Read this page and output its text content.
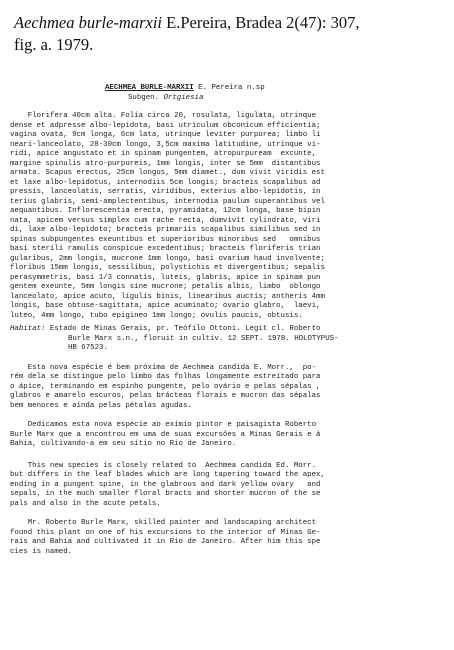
Aechmea burle-marxii E.Pereira, Bradea 2(47): 307,
fig. a. 1979.
AECHMEA BURLE-MARXII E. Pereira n.sp
Subgen. Ortgiesia
Florifera 40cm alta. Folia circa 20, rosulata, ligulata, utrinque
dense et adpresse albo-lepidota, basi utriculum obconicum efficientia;
vagina ovata, 9cm longa, 6cm lata, utrinque leviter purpurea; limbo li
neari-lanceolato, 28-30cm longo, 3,5cm maxima latitudine, utrinque vi-
ridi, apice angustato et in spinam pungentem, atropurpuream  excunte,
margine spinulis atro-purpureis, 1mm longis, inter se 5mm  distantibus
armata. Scapus erectus, 25cm longus, 5mm diamet., dum vivit viridis est
et laxe albo-lepidotus, internodiis 5cm longis; bracteis scapalibus ad
pressis, lanceolatis, serratis, viridibus, exterius albo-lepidotis, in
terius glabris, semi-amplectentibus, internodia paulum superantibus vel
aequantibus. Inflorescentia erecta, pyramidata, 12cm longa, base bipin
nata, apicem versus simplex cum rache recta, dumvivit cylindrato, viri
di, laxe albo-lepidoto; bracteis primariis scapalibus similibus sed in
spinas subpungentes exeuntibus et superioribus minoribus sed   omnibus
basi sterili ramulis conspicue excedentibus; bracteis floriferis trian
gularibus, 2mm longis, mucrone 1mm longo, basi ovarium haud involvente;
floribus 15mm longis, sessilibus, polystichis et divergentibus; sepalis
perasymmetris, basi 1/3 connatis, luteis, glabris, apice in spinam pun
gentem exeunte, 5mm longis sine mucrone; petalis albis, limbo  oblongo
lanceolato, apice acuto, ligulis binis, linearibus auctis; antheris 4mm
longis, base obtuse-sagittata, apice acuminato; ovario glabro,  laevi,
luteo, 4mm longo, tubo epigineo 1mm longo; ovulis paucis, obtusis.
Habitat: Estado de Minas Gerais, pr. Teófilo Ottoni. Legit cl. Roberto
Burle Marx s.n., floruit in cultiv. 12 SEPT. 1978. HOLOTYPUS-
HB 67523.
Esta nova espécie é bem próxima de Aechmea candida E. Morr.,  po-
rém dela se distingue pelo limbo das folhas longamente estreitado para
o ápice, terminando em espinho pungente, pelo ovário e pelas sépalas ,
glabros e amarelo escuros, pelas brácteas florais e mucron das sépalas
bem menores e ainda pelas pétalas agudas.
Dedicamos esta nova espécie ao eximio pintor e paisagista Roberto
Burle Marx que a encontrou em uma de suas excursões a Minas Gerais e à
Bahia, cultivando-a em seu sítio no Rio de Janeiro.
This new species is closely related to  Aechmea candida Ed. Morr.
but differs in the leaf blades which are long tapering toward the apex,
ending in a pungent spine, in the glabrous and dark yellow ovary   and
sepals, in the much smaller floral bracts and shorter mucron of the se
pals and also in the acute petals.
Mr. Roberto Burle Marx, skilled painter and landscaping architect
found this plant on one of his excursions to the interior of Minas Ge-
rais and Bahia and cultivated it in Rio de Janeiro. After him this spe
cies is named.
